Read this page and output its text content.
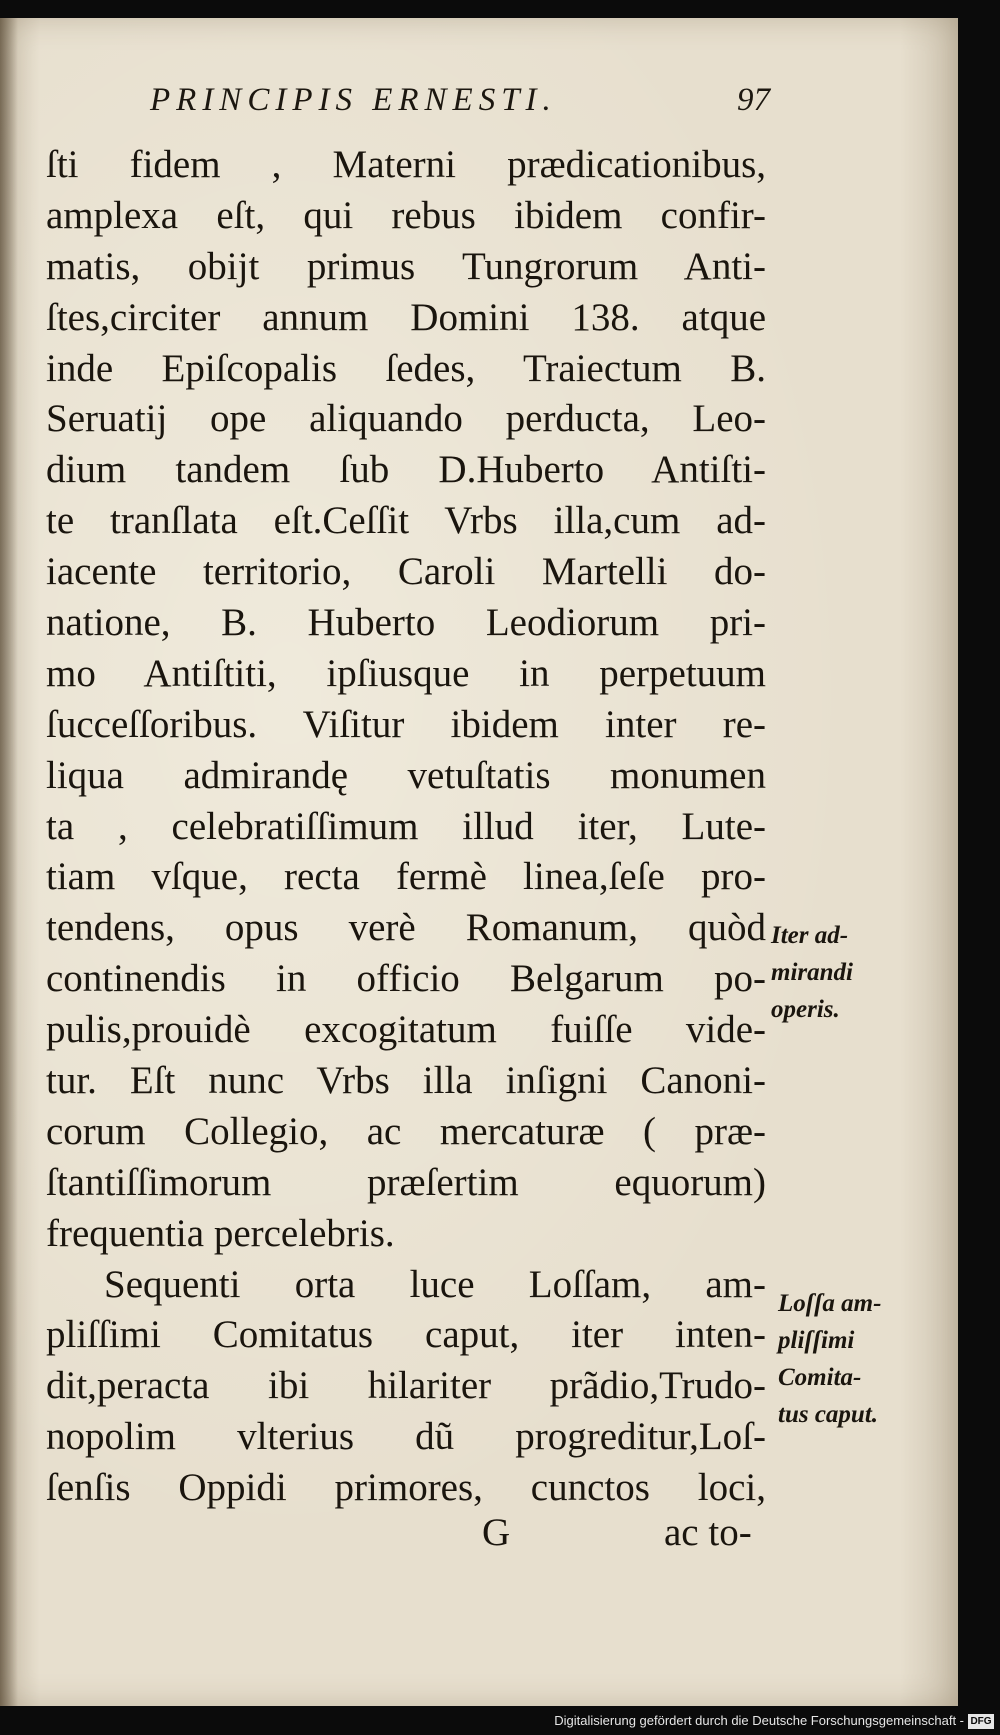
PRINCIPIS ERNESTI.	97
ſti fidem , Materni prædicationibus,
amplexa eſt, qui rebus ibidem confir-
matis, obijt primus Tungrorum Anti-
ſtes,circiter annum Domini 138. atque
inde Epiſcopalis ſedes, Traiectum B.
Seruatij ope aliquando perducta, Leo-
dium tandem ſub D.Huberto Antiſti-
te tranſlata eſt.Ceſſit Vrbs illa,cum ad-
iacente territorio, Caroli Martelli do-
natione, B. Huberto Leodiorum pri-
mo Antiſtiti, ipſiusque in perpetuum
ſucceſſoribus. Viſitur ibidem inter re-
liqua admirandę vetuſtatis monumen
ta , celebratiſſimum illud iter, Lute-
tiam vſque, recta fermè linea,ſeſe pro-
tendens, opus verè Romanum, quòd
continendis in officio Belgarum po-
pulis,prouidè excogitatum fuiſſe vide-
tur. Eſt nunc Vrbs illa inſigni Canoni-
corum Collegio, ac mercaturæ ( præ-
ſtantiſſimorum præſertim equorum)
frequentia percelebris.
Sequenti orta luce Loſſam, am-
pliſſimi Comitatus caput, iter inten-
dit,peracta ibi hilariter prãdio,Trudo-
nopolim vlterius dũ progreditur,Loſ-
ſenſis Oppidi primores, cunctos loci,
G	ac to-
Iter ad-
mirandi
operis.
Loſſa am-
pliſſimi
Comita-
tus caput.
Digitalisierung gefördert durch die Deutsche Forschungsgemeinschaft - DFG
